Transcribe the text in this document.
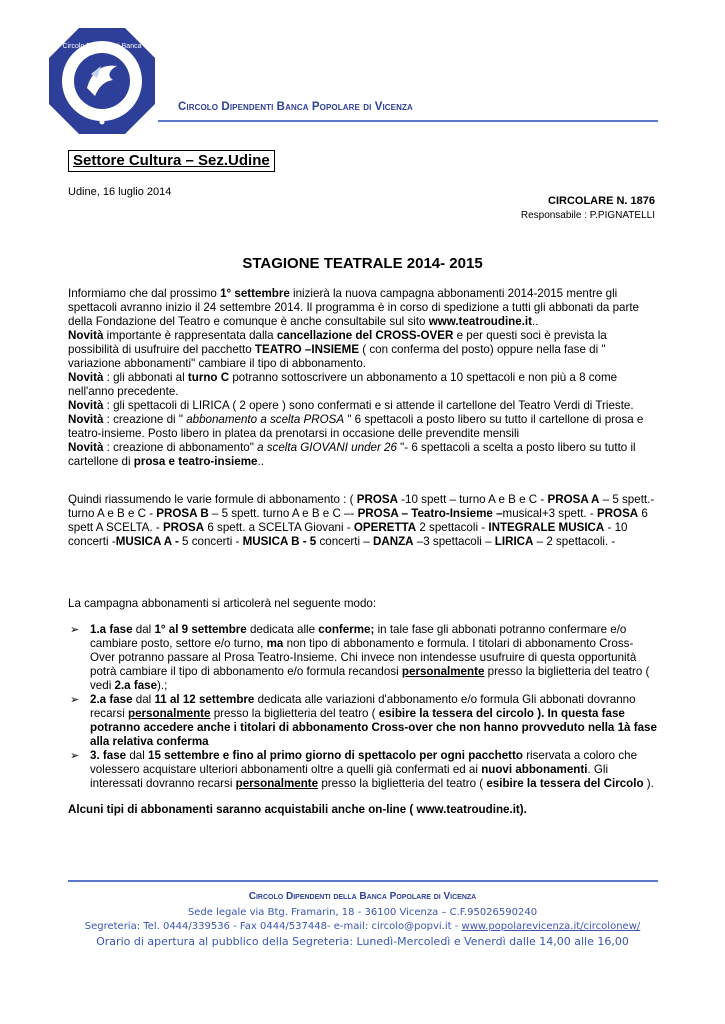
Circolo Dipendenti Banca
Circolo Dipendenti Banca Popolare di Vicenza
Settore Cultura – Sez.Udine
Udine, 16 luglio 2014
CIRCOLARE N. 1876
Responsabile : P.PIGNATELLI
STAGIONE TEATRALE 2014- 2015
Informiamo che dal prossimo 1° settembre inizierà la nuova campagna abbonamenti 2014-2015 mentre gli spettacoli avranno inizio il 24 settembre 2014. Il programma è in corso di spedizione a tutti gli abbonati da parte della Fondazione del Teatro e comunque è anche consultabile sul sito www.teatroudine.it..
Novità importante è rappresentata dalla cancellazione del CROSS-OVER e per questi soci è prevista la possibilità di usufruire del pacchetto TEATRO –INSIEME ( con conferma del posto) oppure nella fase di " variazione abbonamenti" cambiare il tipo di abbonamento.
Novità : gli abbonati al turno C potranno sottoscrivere un abbonamento a 10 spettacoli e non più a 8 come nell'anno precedente.
Novità : gli spettacoli di LIRICA ( 2 opere ) sono confermati e si attende il cartellone del Teatro Verdi di Trieste.
Novità : creazione di " abbonamento a scelta PROSA " 6 spettacoli a posto libero su tutto il cartellone di prosa e teatro-insieme. Posto libero in platea da prenotarsi in occasione delle prevendite mensili
Novità : creazione di abbonamento" a scelta GIOVANI under 26 "- 6 spettacoli a scelta a posto libero su tutto il cartellone di prosa e teatro-insieme..
Quindi riassumendo le varie formule di abbonamento : ( PROSA -10 spett – turno A e B e C - PROSA A – 5 spett.- turno A e B e C - PROSA B – 5 spett. turno A e B e C –- PROSA – Teatro-Insieme –musical+3 spett. - PROSA 6 spett A SCELTA. - PROSA 6 spett. a SCELTA Giovani - OPERETTA 2 spettacoli - INTEGRALE MUSICA - 10 concerti -MUSICA A - 5 concerti - MUSICA B - 5 concerti – DANZA –3 spettacoli – LIRICA – 2 spettacoli. -
La campagna abbonamenti si articolerà nel seguente modo:
➢ 1.a fase dal 1° al 9 settembre dedicata alle conferme; in tale fase gli abbonati potranno confermare e/o cambiare posto, settore e/o turno, ma non tipo di abbonamento e formula. I titolari di abbonamento Cross-Over potranno passare al Prosa Teatro-Insieme. Chi invece non intendesse usufruire di questa opportunità potrà cambiare il tipo di abbonamento e/o formula recandosi personalmente presso la biglietteria del teatro ( vedi 2.a fase).;
➢ 2.a fase dal 11 al 12 settembre dedicata alle variazioni d'abbonamento e/o formula Gli abbonati dovranno recarsi personalmente presso la biglietteria del teatro ( esibire la tessera del circolo ). In questa fase potranno accedere anche i titolari di abbonamento Cross-over che non hanno provveduto nella 1à fase alla relativa conferma
➢ 3. fase dal 15 settembre e fino al primo giorno di spettacolo per ogni pacchetto riservata a coloro che volessero acquistare ulteriori abbonamenti oltre a quelli già confermati ed ai nuovi abbonamenti. Gli interessati dovranno recarsi personalmente presso la biglietteria del teatro ( esibire la tessera del Circolo ).
Alcuni tipi di abbonamenti saranno acquistabili anche on-line ( www.teatroudine.it).
Circolo Dipendenti della Banca Popolare di Vicenza
Sede legale via Btg. Framarin, 18 - 36100 Vicenza – C.F.95026590240
Segreteria: Tel. 0444/339536 - Fax 0444/537448- e-mail: circolo@popvi.it - www.popolarevicenza.it/circolonew/
Orario di apertura al pubblico della Segreteria: Lunedì-Mercoledì e Venerdì dalle 14,00 alle 16,00
